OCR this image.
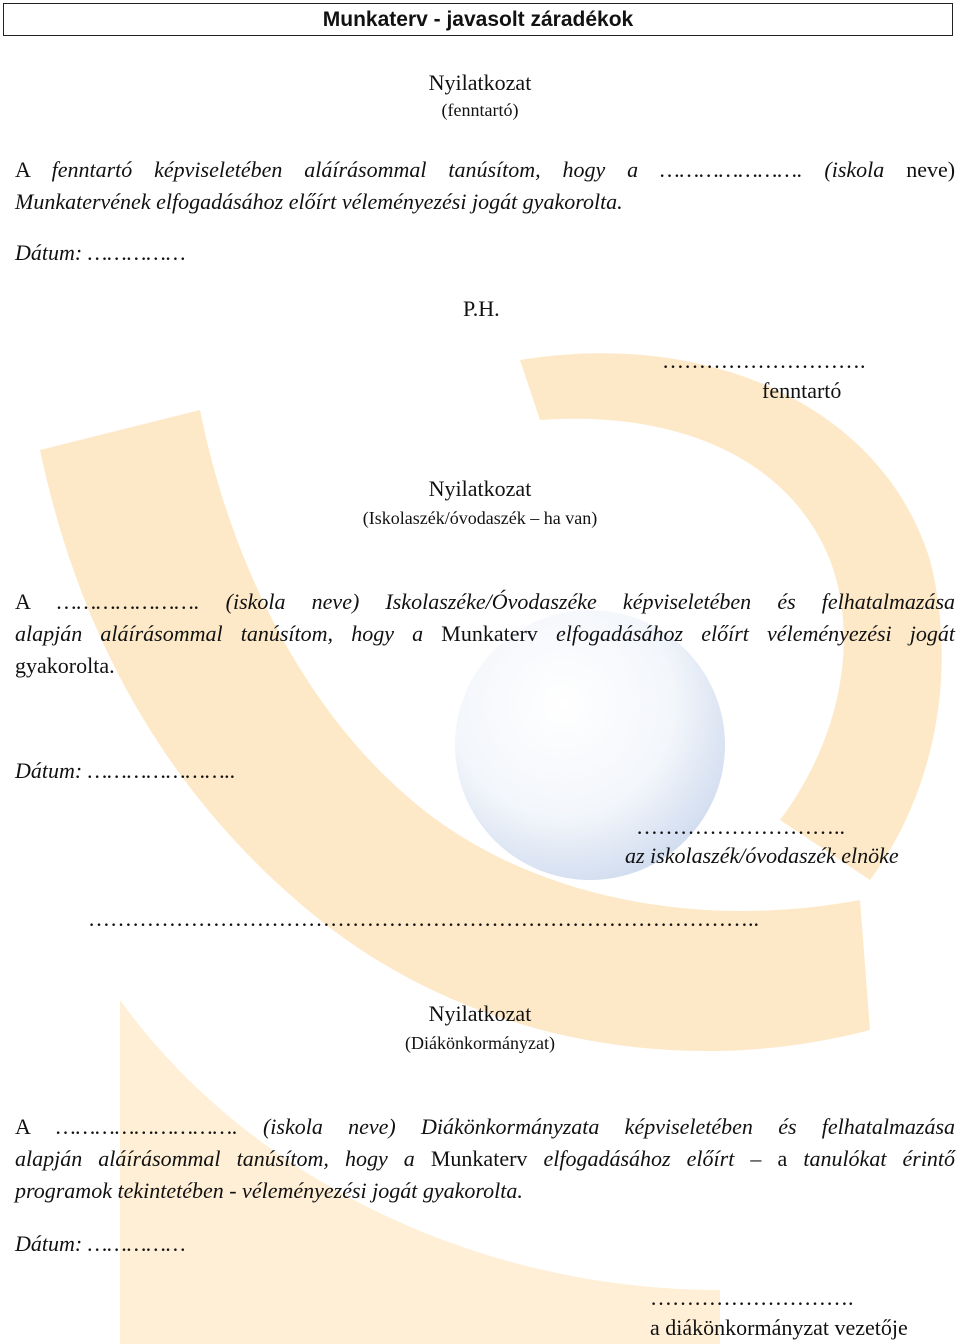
Munkaterv - javasolt záradékok
Nyilatkozat
(fenntartó)
A fenntartó képviseletében aláírásommal tanúsítom, hogy a …………………. (iskola neve)
Munkatervének elfogadásához előírt véleményezési jogát gyakorolta.
Dátum: ……………
P.H.
……………………….
fenntartó
Nyilatkozat
(Iskolaszék/óvodaszék – ha van)
A …………………. (iskola neve) Iskolaszéke/Óvodaszéke képviseletében és felhatalmazása
alapján aláírásommal tanúsítom, hogy a Munkaterv elfogadásához előírt véleményezési jogát
gyakorolta.
Dátum: …………………..
………………………..
az iskolaszék/óvodaszék elnöke
………………………………………………………………………………..
Nyilatkozat
(Diákönkormányzat)
A ………………………. (iskola neve) Diákönkormányzata képviseletében és felhatalmazása
alapján aláírásommal tanúsítom, hogy a Munkaterv elfogadásához előírt – a tanulókat érintő
programok tekintetében - véleményezési jogát gyakorolta.
Dátum: ……………
……………………….
a diákönkormányzat vezetője
